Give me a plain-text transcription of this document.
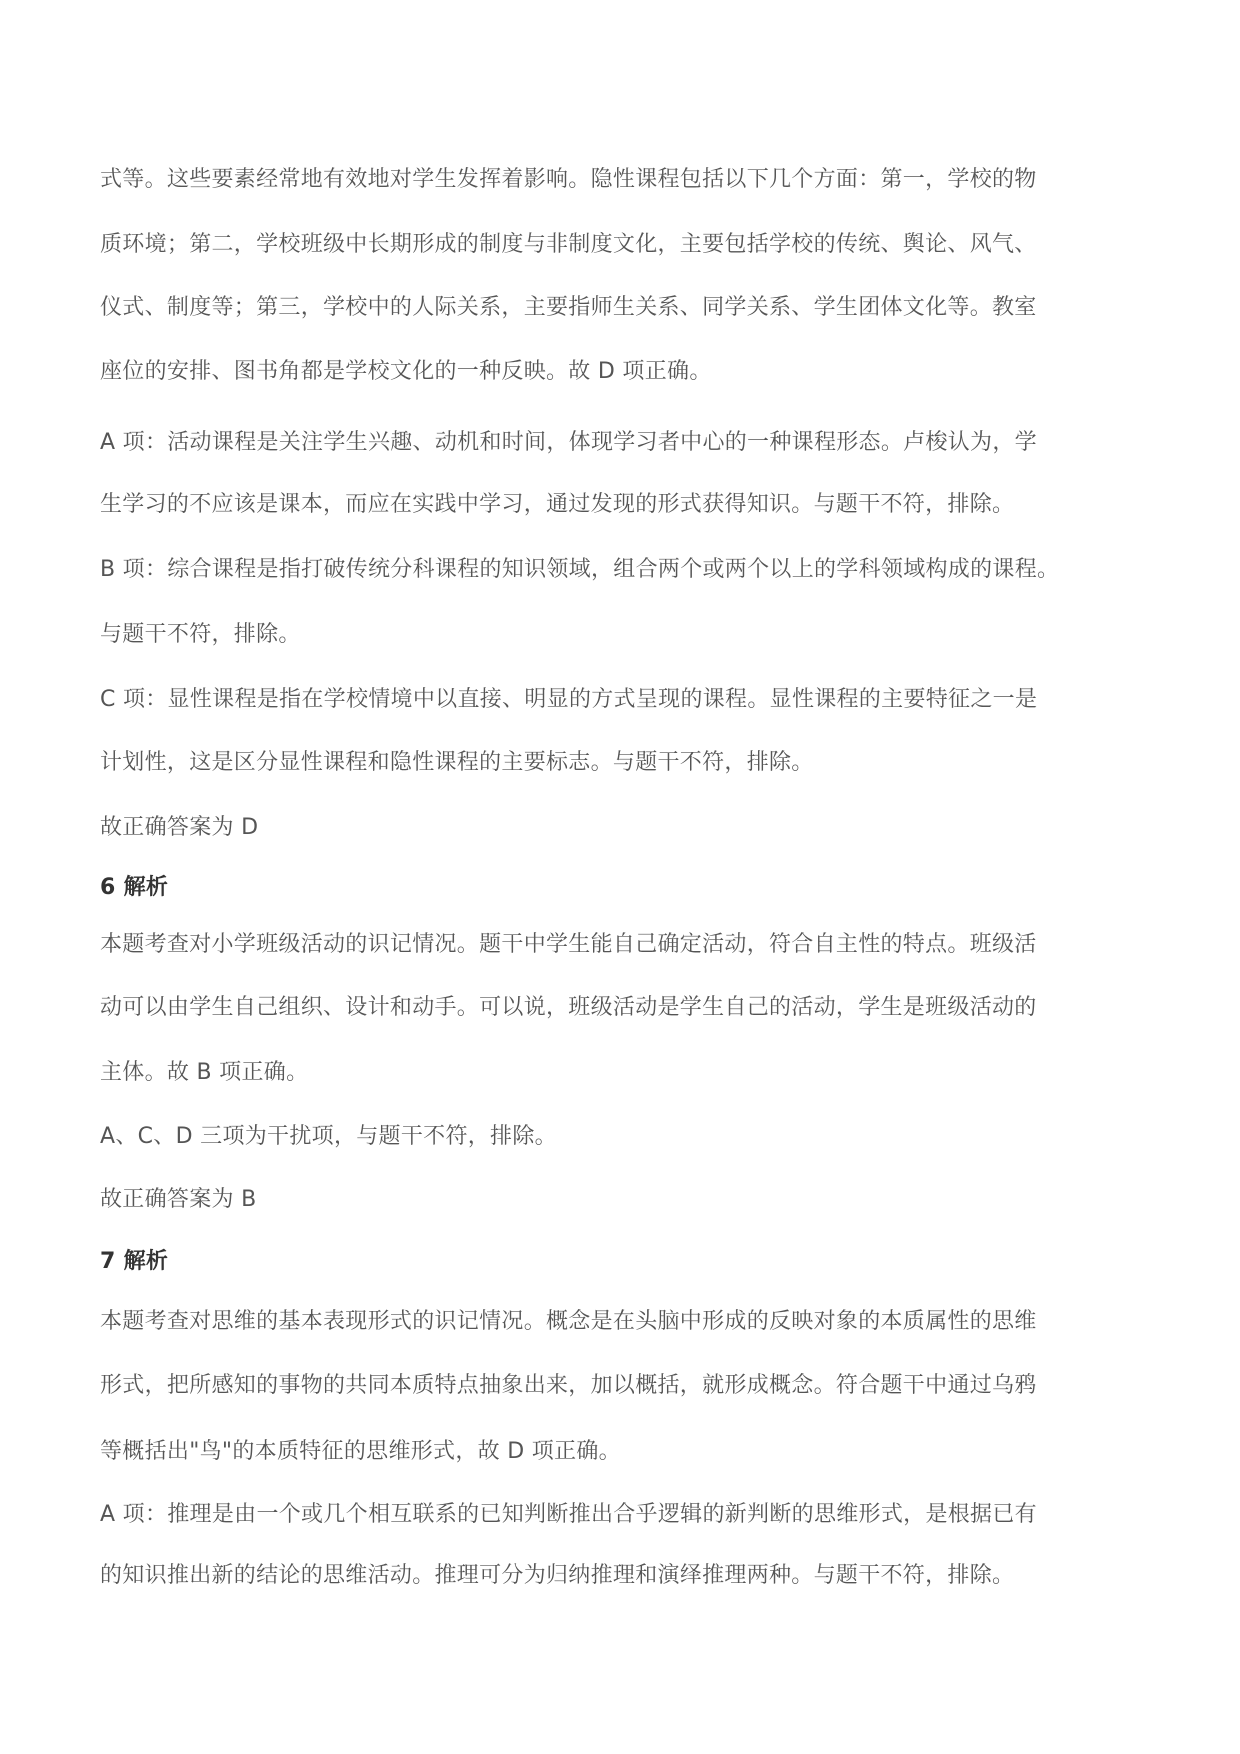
式等。这些要素经常地有效地对学生发挥着影响。隐性课程包括以下几个方面：第一，学校的物
质环境；第二，学校班级中长期形成的制度与非制度文化，主要包括学校的传统、舆论、风气、
仪式、制度等；第三，学校中的人际关系，主要指师生关系、同学关系、学生团体文化等。教室
座位的安排、图书角都是学校文化的一种反映。故 D 项正确。
A 项：活动课程是关注学生兴趣、动机和时间，体现学习者中心的一种课程形态。卢梭认为，学
生学习的不应该是课本，而应在实践中学习，通过发现的形式获得知识。与题干不符，排除。
B 项：综合课程是指打破传统分科课程的知识领域，组合两个或两个以上的学科领域构成的课程。
与题干不符，排除。
C 项：显性课程是指在学校情境中以直接、明显的方式呈现的课程。显性课程的主要特征之一是
计划性，这是区分显性课程和隐性课程的主要标志。与题干不符，排除。
故正确答案为 D
6 解析
本题考查对小学班级活动的识记情况。题干中学生能自己确定活动，符合自主性的特点。班级活
动可以由学生自己组织、设计和动手。可以说，班级活动是学生自己的活动，学生是班级活动的
主体。故 B 项正确。
A、C、D 三项为干扰项，与题干不符，排除。
故正确答案为 B
7 解析
本题考查对思维的基本表现形式的识记情况。概念是在头脑中形成的反映对象的本质属性的思维
形式，把所感知的事物的共同本质特点抽象出来，加以概括，就形成概念。符合题干中通过乌鸦
等概括出"鸟"的本质特征的思维形式，故 D 项正确。
A 项：推理是由一个或几个相互联系的已知判断推出合乎逻辑的新判断的思维形式，是根据已有
的知识推出新的结论的思维活动。推理可分为归纳推理和演绎推理两种。与题干不符，排除。
